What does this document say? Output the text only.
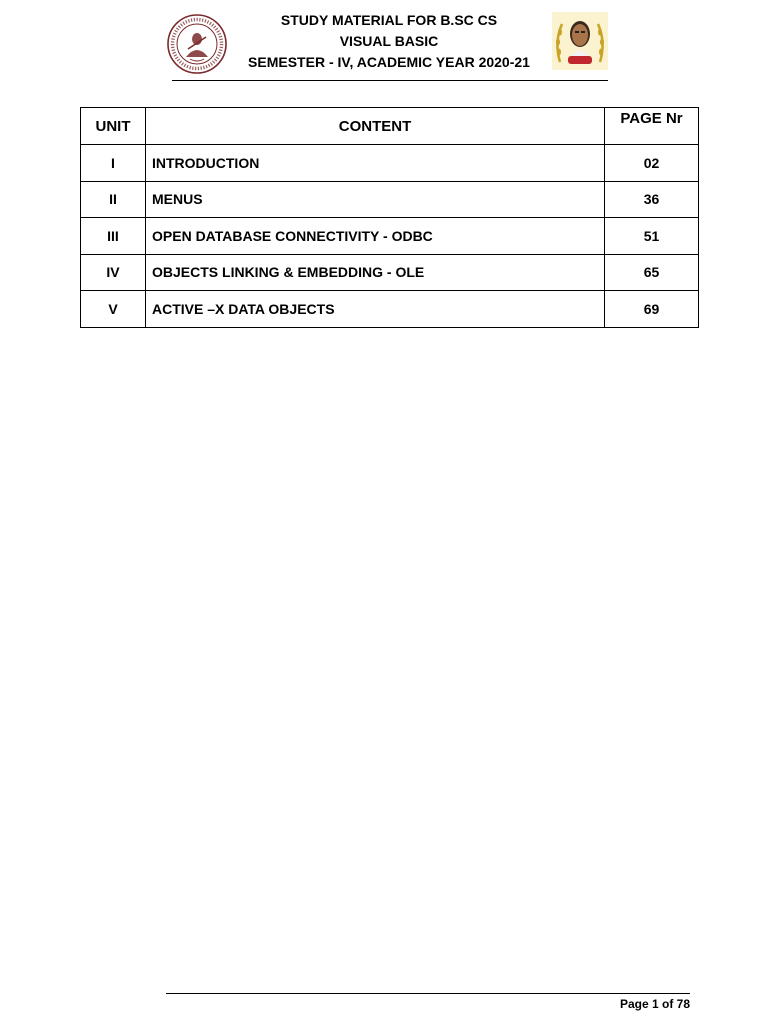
STUDY MATERIAL FOR B.SC CS
VISUAL BASIC
SEMESTER - IV, ACADEMIC YEAR 2020-21
UNIT	CONTENT	PAGE Nr
I	INTRODUCTION	02
II	MENUS	36
III	OPEN DATABASE CONNECTIVITY - ODBC	51
IV	OBJECTS LINKING & EMBEDDING - OLE	65
V	ACTIVE –X DATA OBJECTS	69
Page 1 of 78
